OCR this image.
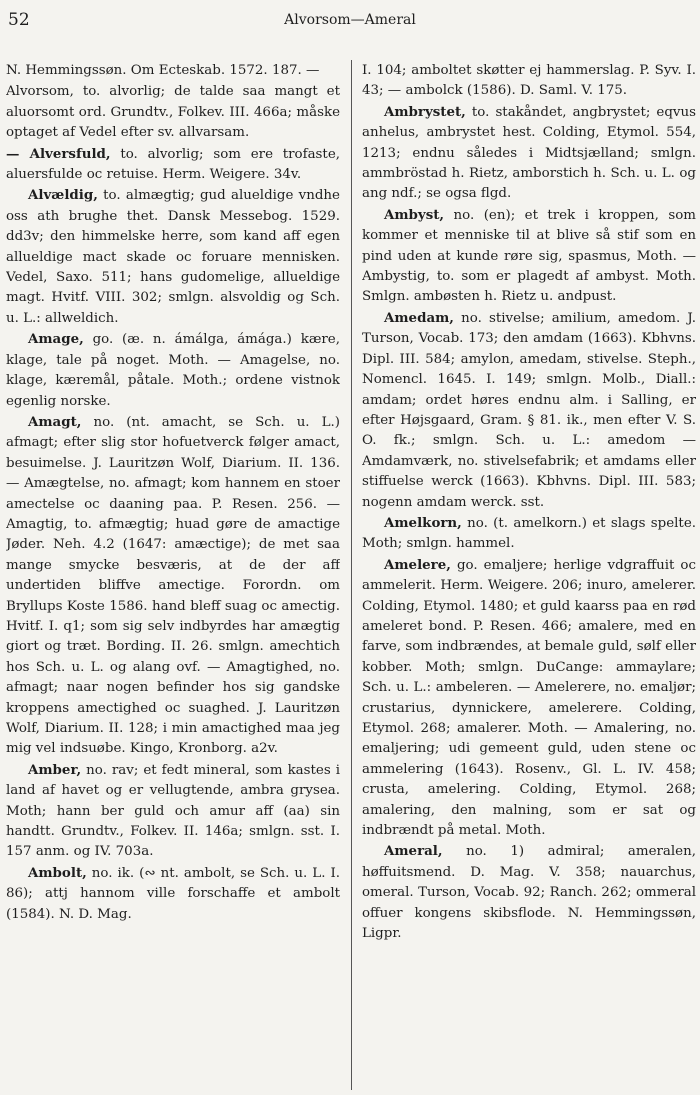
52	Alvorsom—Ameral

N. Hemmingssøn. Om Ecteskab. 1572. 187. —

Alvorsom, to. alvorlig; de talde saa mangt et aluorsomt ord. Grundtv., Folkev. III. 466a; måske optaget af Vedel efter sv. allvarsam.

— Alversfuld, to. alvorlig; som ere trofaste, aluersfulde oc retuise. Herm. Weigere. 34v.

Alvældig, to. almægtig; gud alueldige vndhe oss ath brughe thet. Dansk Messebog. 1529. dd3v; den himmelske herre, som kand aff egen allueldige mact skade oc foruare mennisken. Vedel, Saxo. 511; hans gudomelige, allueldige magt. Hvitf. VIII. 302; smlgn. alsvoldig og Sch. u. L.: allweldich.

Amage, go. (æ. n. ámálga, ámága.) kære, klage, tale på noget. Moth. — Amagelse, no. klage, kæremål, påtale. Moth.; ordene vistnok egenlig norske.

Amagt, no. (nt. amacht, se Sch. u. L.) afmagt; efter slig stor hofuetverck følger amact, besuimelse. J. Lauritzøn Wolf, Diarium. II. 136. — Amægtelse, no. afmagt; kom hannem en stoer amectelse oc daaning paa. P. Resen. 256. — Amagtig, to. afmægtig; huad gøre de amactige Jøder. Neh. 4.2 (1647: amæctige); de met saa mange smycke besværis, at de der aff undertiden bliffve amectige. Forordn. om Bryllups Koste 1586. hand bleff suag oc amectig. Hvitf. I. q1; som sig selv indbyrdes har amægtig giort og træt. Bording. II. 26. smlgn. amechtich hos Sch. u. L. og alang ovf. — Amagtighed, no. afmagt; naar nogen befinder hos sig gandske kroppens amectighed oc suaghed. J. Lauritzøn Wolf, Diarium. II. 128; i min amactighed maa jeg mig vel indsuøbe. Kingo, Kronborg. a2v.

Amber, no. rav; et fedt mineral, som kastes i land af havet og er vellugtende, ambra grysea. Moth; hann ber guld och amur aff (aa) sin handtt. Grundtv., Folkev. II. 146a; smlgn. sst. I. 157 anm. og IV. 703a.

Ambolt, no. ik. (∾ nt. ambolt, se Sch. u. L. I. 86); attj hannom ville forschaffe et ambolt (1584). N. D. Mag.

I. 104; amboltet skøtter ej hammerslag. P. Syv. I. 43; — ambolck (1586). D. Saml. V. 175.

Ambrystet, to. stakåndet, angbrystet; eqvus anhelus, ambrystet hest. Colding, Etymol. 554, 1213; endnu således i Midtsjælland; smlgn. ammbröstad h. Rietz, amborstich h. Sch. u. L. og ang ndf.; se ogsa flgd.

Ambyst, no. (en); et trek i kroppen, som kommer et menniske til at blive så stif som en pind uden at kunde røre sig, spasmus, Moth. — Ambystig, to. som er plagedt af ambyst. Moth. Smlgn. ambøsten h. Rietz u. andpust.

Amedam, no. stivelse; amilium, amedom. J. Turson, Vocab. 173; den amdam (1663). Kbhvns. Dipl. III. 584; amylon, amedam, stivelse. Steph., Nomencl. 1645. I. 149; smlgn. Molb., Diall.: amdam; ordet høres endnu alm. i Salling, er efter Højsgaard, Gram. § 81. ik., men efter V. S. O. fk.; smlgn. Sch. u. L.: amedom — Amdamværk, no. stivelsefabrik; et amdams eller stiffuelse werck (1663). Kbhvns. Dipl. III. 583; nogenn amdam werck. sst.

Amelkorn, no. (t. amelkorn.) et slags spelte. Moth; smlgn. hammel.

Amelere, go. emaljere; herlige vdgraffuit oc ammelerit. Herm. Weigere. 206; inuro, amelerer. Colding, Etymol. 1480; et guld kaarss paa en rød ameleret bond. P. Resen. 466; amalere, med en farve, som indbrændes, at bemale guld, sølf eller kobber. Moth; smlgn. DuCange: ammaylare; Sch. u. L.: ambeleren. — Amelerere, no. emaljør; crustarius, dynnickere, amelerere. Colding, Etymol. 268; amalerer. Moth. — Amalering, no. emaljering; udi gemeent guld, uden stene oc ammelering (1643). Rosenv., Gl. L. IV. 458; crusta, amelering. Colding, Etymol. 268; amalering, den malning, som er sat og indbrændt på metal. Moth.

Ameral, no. 1) admiral; ameralen, høffuitsmend. D. Mag. V. 358; nauarchus, omeral. Turson, Vocab. 92; Ranch. 262; ommeral offuer kongens skibsflode. N. Hemmingssøn, Ligpr.
